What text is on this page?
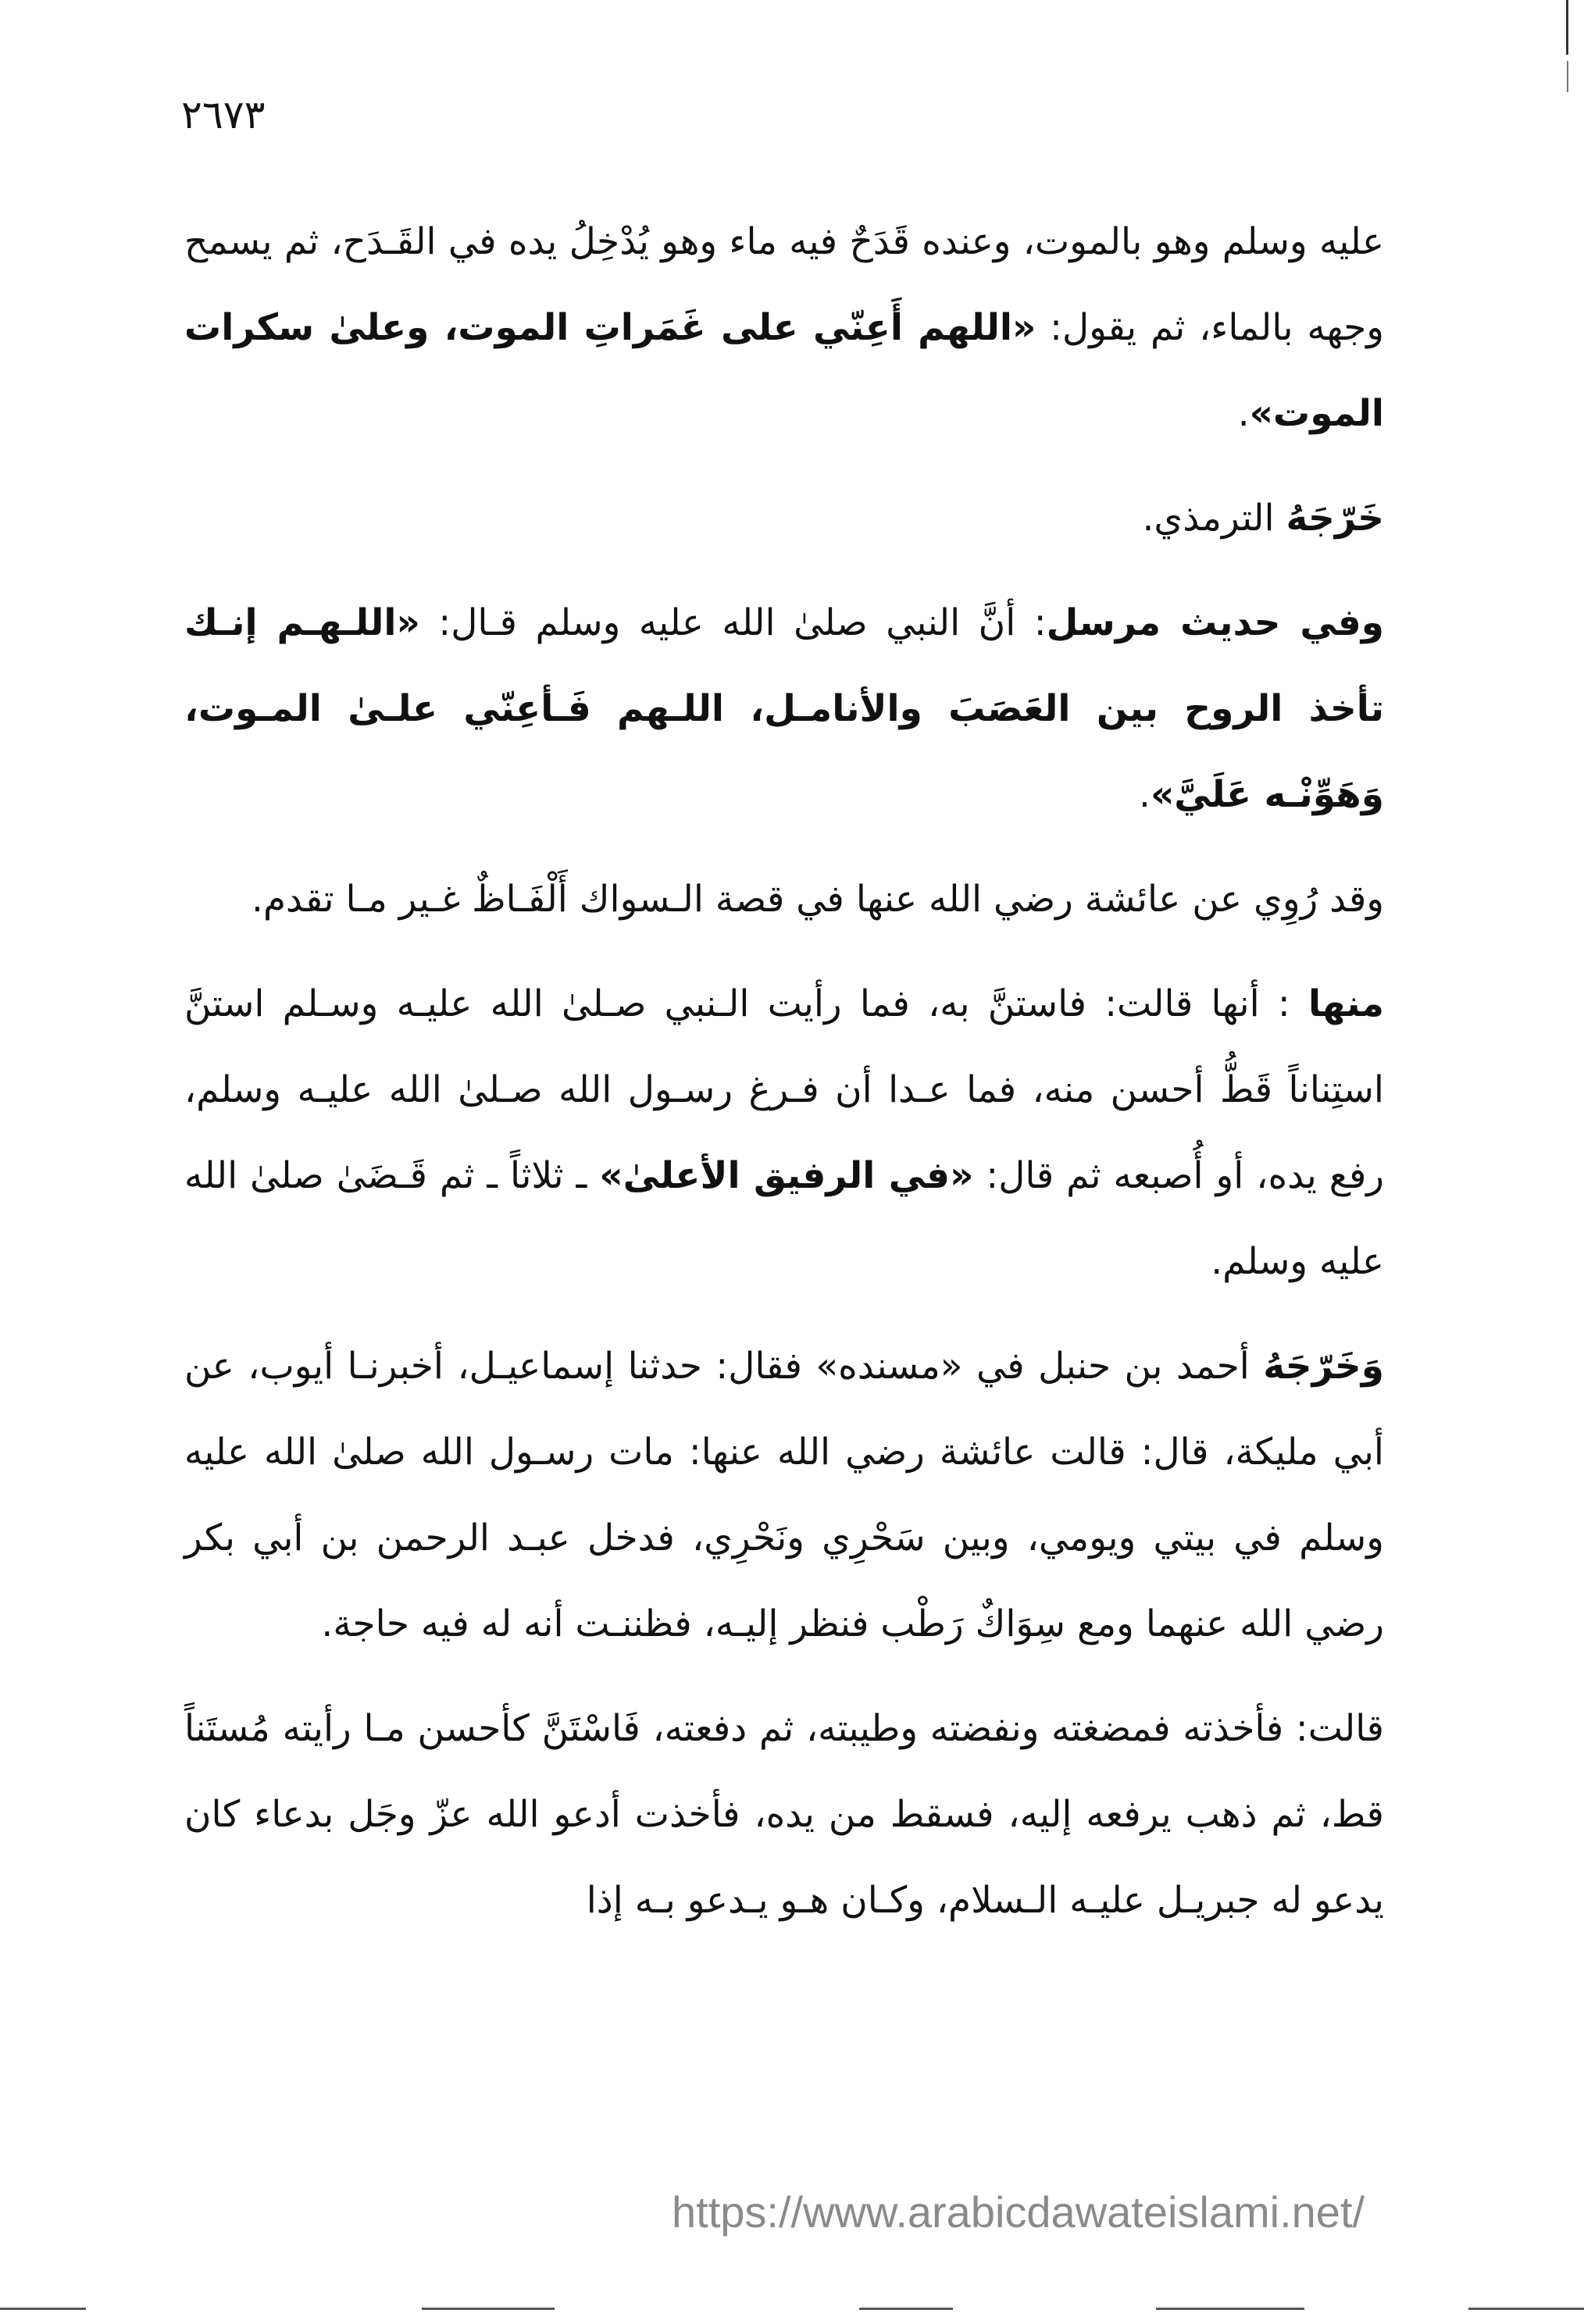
٢٦٧٣

عليه وسلم وهو بالموت، وعنده قَدَحٌ فيه ماء وهو يُدْخِلُ يده في القَـدَح، ثم يسمح وجهه بالماء، ثم يقول: «اللهم أَعِنّي على غَمَراتِ الموت، وعلىٰ سكرات الموت».

خَرّجَهُ الترمذي.

وفي حديث مرسل: أنَّ النبي صلىٰ الله عليه وسلم قـال: «اللـهـم إنـك تأخذ الروح بين العَصَبَ والأنامـل، اللـهم فَـأعِنّي علـىٰ المـوت، وَهَوِّنْـه عَلَيَّ».

وقد رُوِي عن عائشة رضي الله عنها في قصة الـسواك أَلْفَـاظٌ غـير مـا تقدم.

منها : أنها قالت: فاستنَّ به، فما رأيت الـنبي صـلىٰ الله عليـه وسـلم استنَّ استِناناً قَطُّ أحسن منه، فما عـدا أن فـرغ رسـول الله صـلىٰ الله عليـه وسلم، رفع يده، أو أُصبعه ثم قال: «في الرفيق الأعلىٰ» ـ ثلاثاً ـ ثم قَـضَىٰ صلىٰ الله عليه وسلم.

وَخَرّجَهُ أحمد بن حنبل في «مسنده» فقال: حدثنا إسماعيـل، أخبرنـا أيوب، عن أبي مليكة، قال: قالت عائشة رضي الله عنها: مات رسـول الله صلىٰ الله عليه وسلم في بيتي ويومي، وبين سَحْرِي ونَحْرِي، فدخل عبـد الرحمن بن أبي بكر رضي الله عنهما ومع سِوَاكٌ رَطْب فنظر إليـه، فظننـت أنه له فيه حاجة.

قالت: فأخذته فمضغته ونفضته وطيبته، ثم دفعته، فَاسْتَنَّ كأحسن مـا رأيته مُستَناً قط، ثم ذهب يرفعه إليه، فسقط من يده، فأخذت أدعو الله عزّ وجَل بدعاء كان يدعو له جبريـل عليـه الـسلام، وكـان هـو يـدعو بـه إذا

https://www.arabicdawateislami.net/
